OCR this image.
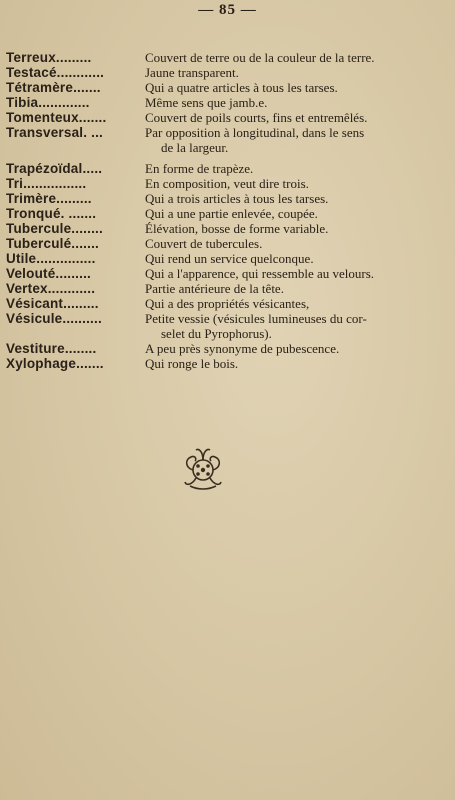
— 85 —
Terreux.........	Couvert de terre ou de la couleur de la terre.
Testacé............	Jaune transparent.
Tétramère.......	Qui a quatre articles à tous les tarses.
Tibia.............	Même sens que jamb.e.
Tomenteux.......	Couvert de poils courts, fins et entremêlés.
Transversal. ...	Par opposition à longitudinal, dans le sens
de la largeur.
Trapézoïdal.....	En forme de trapèze.
Tri................	En composition, veut dire trois.
Trimère.........	Qui a trois articles à tous les tarses.
Tronqué. .......	Qui a une partie enlevée, coupée.
Tubercule........	Élévation, bosse de forme variable.
Tuberculé.......	Couvert de tubercules.
Utile...............	Qui rend un service quelconque.
Velouté.........	Qui a l'apparence, qui ressemble au velours.
Vertex............	Partie antérieure de la tête.
Vésicant.........	Qui a des propriétés vésicantes,
Vésicule..........	Petite vessie (vésicules lumineuses du cor-
selet du Pyrophorus).
Vestiture........	A peu près synonyme de pubescence.
Xylophage.......	Qui ronge le bois.
